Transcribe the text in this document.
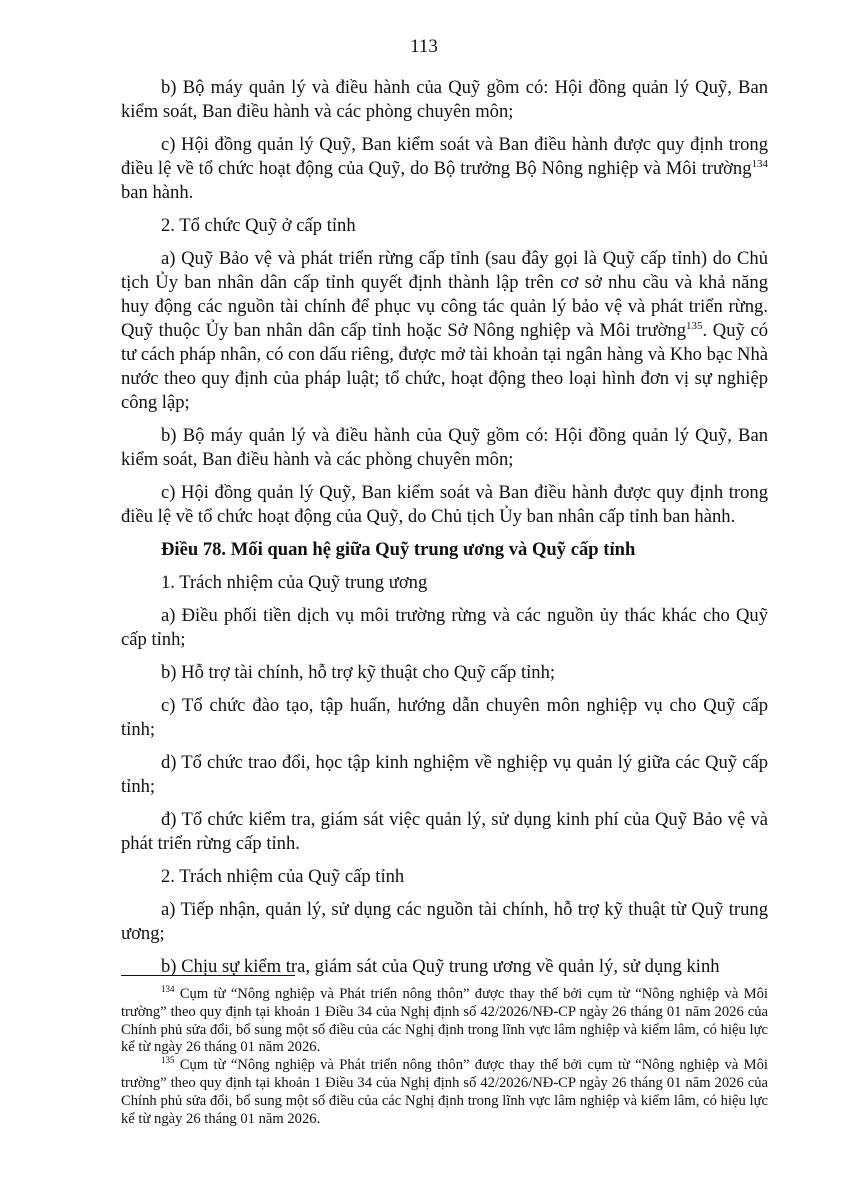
113

b) Bộ máy quản lý và điều hành của Quỹ gồm có: Hội đồng quản lý Quỹ, Ban kiểm soát, Ban điều hành và các phòng chuyên môn;

c) Hội đồng quản lý Quỹ, Ban kiểm soát và Ban điều hành được quy định trong điều lệ về tổ chức hoạt động của Quỹ, do Bộ trưởng Bộ Nông nghiệp và Môi trường$^{134}$ ban hành.

2. Tổ chức Quỹ ở cấp tỉnh

a) Quỹ Bảo vệ và phát triển rừng cấp tỉnh (sau đây gọi là Quỹ cấp tỉnh) do Chủ tịch Ủy ban nhân dân cấp tỉnh quyết định thành lập trên cơ sở nhu cầu và khả năng huy động các nguồn tài chính để phục vụ công tác quản lý bảo vệ và phát triển rừng. Quỹ thuộc Ủy ban nhân dân cấp tỉnh hoặc Sở Nông nghiệp và Môi trường$^{135}$. Quỹ có tư cách pháp nhân, có con dấu riêng, được mở tài khoản tại ngân hàng và Kho bạc Nhà nước theo quy định của pháp luật; tổ chức, hoạt động theo loại hình đơn vị sự nghiệp công lập;

b) Bộ máy quản lý và điều hành của Quỹ gồm có: Hội đồng quản lý Quỹ, Ban kiểm soát, Ban điều hành và các phòng chuyên môn;

c) Hội đồng quản lý Quỹ, Ban kiểm soát và Ban điều hành được quy định trong điều lệ về tổ chức hoạt động của Quỹ, do Chủ tịch Ủy ban nhân cấp tỉnh ban hành.

Điều 78. Mối quan hệ giữa Quỹ trung ương và Quỹ cấp tỉnh

1. Trách nhiệm của Quỹ trung ương

a) Điều phối tiền dịch vụ môi trường rừng và các nguồn ủy thác khác cho Quỹ cấp tỉnh;

b) Hỗ trợ tài chính, hỗ trợ kỹ thuật cho Quỹ cấp tỉnh;

c) Tổ chức đào tạo, tập huấn, hướng dẫn chuyên môn nghiệp vụ cho Quỹ cấp tỉnh;

d) Tổ chức trao đổi, học tập kinh nghiệm về nghiệp vụ quản lý giữa các Quỹ cấp tỉnh;

đ) Tổ chức kiểm tra, giám sát việc quản lý, sử dụng kinh phí của Quỹ Bảo vệ và phát triển rừng cấp tỉnh.

2. Trách nhiệm của Quỹ cấp tỉnh

a) Tiếp nhận, quản lý, sử dụng các nguồn tài chính, hỗ trợ kỹ thuật từ Quỹ trung ương;

b) Chịu sự kiểm tra, giám sát của Quỹ trung ương về quản lý, sử dụng kinh

$^{134}$ Cụm từ “Nông nghiệp và Phát triển nông thôn” được thay thế bởi cụm từ “Nông nghiệp và Môi trường” theo quy định tại khoản 1 Điều 34 của Nghị định số 42/2026/NĐ-CP ngày 26 tháng 01 năm 2026 của Chính phủ sửa đổi, bổ sung một số điều của các Nghị định trong lĩnh vực lâm nghiệp và kiểm lâm, có hiệu lực kể từ ngày 26 tháng 01 năm 2026.

$^{135}$ Cụm từ “Nông nghiệp và Phát triển nông thôn” được thay thế bởi cụm từ “Nông nghiệp và Môi trường” theo quy định tại khoản 1 Điều 34 của Nghị định số 42/2026/NĐ-CP ngày 26 tháng 01 năm 2026 của Chính phủ sửa đổi, bổ sung một số điều của các Nghị định trong lĩnh vực lâm nghiệp và kiểm lâm, có hiệu lực kể từ ngày 26 tháng 01 năm 2026.
